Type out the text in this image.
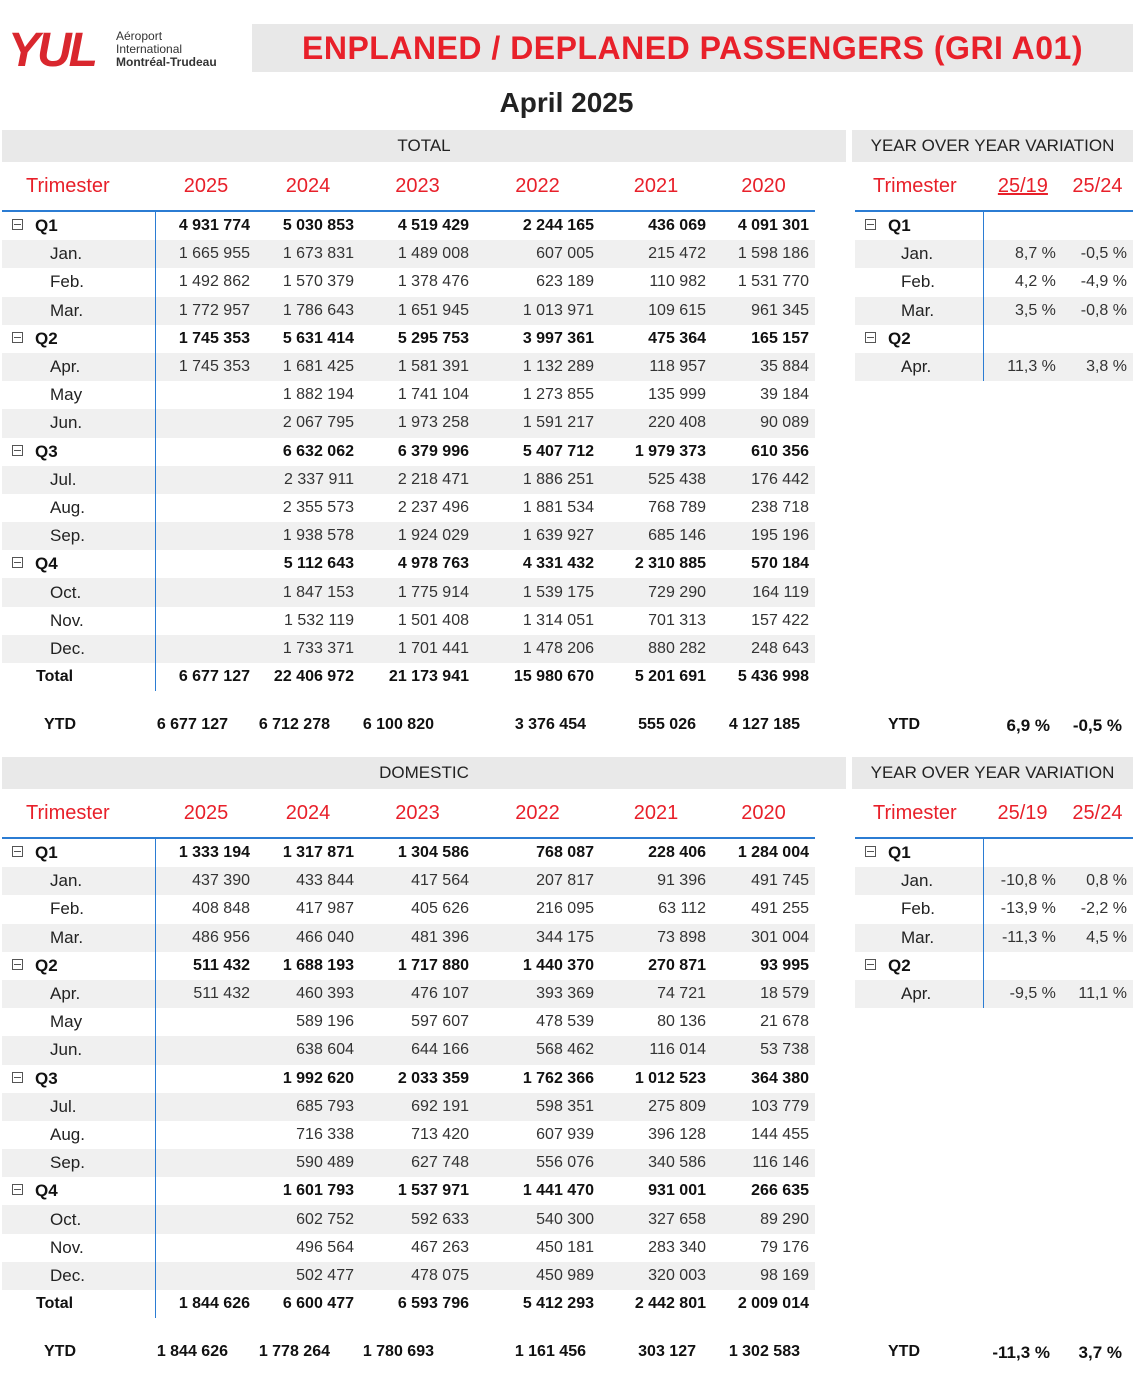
YUL Aéroport
International
Montréal-Trudeau	ENPLANED / DEPLANED PASSENGERS (GRI A01)
April 2025
TOTAL	YEAR OVER YEAR VARIATION
Trimester	2025	2024	2023	2022	2021	2020
Q1	4 931 774	5 030 853	4 519 429	2 244 165	436 069	4 091 301
Jan.	1 665 955	1 673 831	1 489 008	607 005	215 472	1 598 186
Feb.	1 492 862	1 570 379	1 378 476	623 189	110 982	1 531 770
Mar.	1 772 957	1 786 643	1 651 945	1 013 971	109 615	961 345
Q2	1 745 353	5 631 414	5 295 753	3 997 361	475 364	165 157
Apr.	1 745 353	1 681 425	1 581 391	1 132 289	118 957	35 884
May		1 882 194	1 741 104	1 273 855	135 999	39 184
Jun.		2 067 795	1 973 258	1 591 217	220 408	90 089
Q3		6 632 062	6 379 996	5 407 712	1 979 373	610 356
Jul.		2 337 911	2 218 471	1 886 251	525 438	176 442
Aug.		2 355 573	2 237 496	1 881 534	768 789	238 718
Sep.		1 938 578	1 924 029	1 639 927	685 146	195 196
Q4		5 112 643	4 978 763	4 331 432	2 310 885	570 184
Oct.		1 847 153	1 775 914	1 539 175	729 290	164 119
Nov.		1 532 119	1 501 408	1 314 051	701 313	157 422
Dec.		1 733 371	1 701 441	1 478 206	880 282	248 643
Total	6 677 127	22 406 972	21 173 941	15 980 670	5 201 691	5 436 998
Trimester	25/19	25/24
Q1		
Jan.	8,7 %	-0,5 %
Feb.	4,2 %	-4,9 %
Mar.	3,5 %	-0,8 %
Q2		
Apr.	11,3 %	3,8 %
YTD	6 677 127	6 712 278	6 100 820	3 376 454	555 026	4 127 185	YTD	6,9 %	-0,5 %
DOMESTIC	YEAR OVER YEAR VARIATION
Trimester	2025	2024	2023	2022	2021	2020
Q1	1 333 194	1 317 871	1 304 586	768 087	228 406	1 284 004
Jan.	437 390	433 844	417 564	207 817	91 396	491 745
Feb.	408 848	417 987	405 626	216 095	63 112	491 255
Mar.	486 956	466 040	481 396	344 175	73 898	301 004
Q2	511 432	1 688 193	1 717 880	1 440 370	270 871	93 995
Apr.	511 432	460 393	476 107	393 369	74 721	18 579
May		589 196	597 607	478 539	80 136	21 678
Jun.		638 604	644 166	568 462	116 014	53 738
Q3		1 992 620	2 033 359	1 762 366	1 012 523	364 380
Jul.		685 793	692 191	598 351	275 809	103 779
Aug.		716 338	713 420	607 939	396 128	144 455
Sep.		590 489	627 748	556 076	340 586	116 146
Q4		1 601 793	1 537 971	1 441 470	931 001	266 635
Oct.		602 752	592 633	540 300	327 658	89 290
Nov.		496 564	467 263	450 181	283 340	79 176
Dec.		502 477	478 075	450 989	320 003	98 169
Total	1 844 626	6 600 477	6 593 796	5 412 293	2 442 801	2 009 014
Trimester	25/19	25/24
Q1		
Jan.	-10,8 %	0,8 %
Feb.	-13,9 %	-2,2 %
Mar.	-11,3 %	4,5 %
Q2		
Apr.	-9,5 %	11,1 %
YTD	1 844 626	1 778 264	1 780 693	1 161 456	303 127	1 302 583	YTD	-11,3 %	3,7 %
